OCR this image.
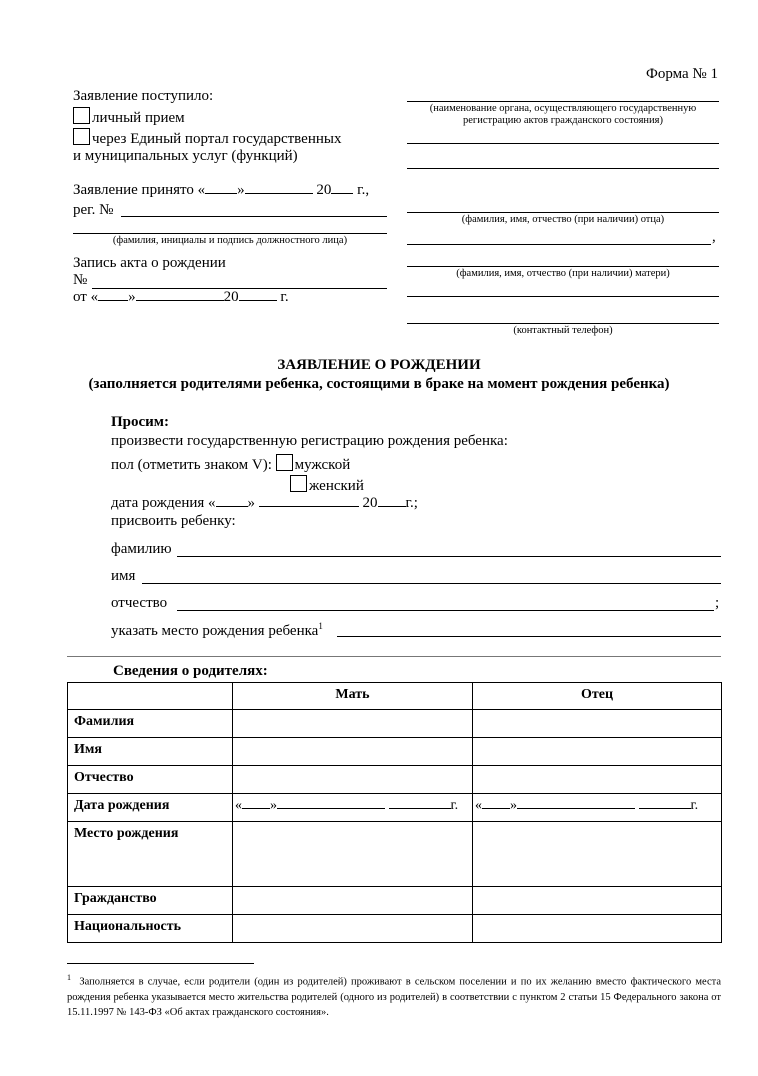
Форма № 1
Заявление поступило:
личный прием
через Единый портал государственных
и муниципальных услуг (функций)
Заявление принято « »	20 г.,
рег. №
(фамилия, инициалы и подпись должностного лица)
Запись акта о рождении
№
от « »	20	г.
(наименование органа, осуществляющего государственную
регистрацию актов гражданского состояния)
(фамилия, имя, отчество (при наличии) отца)
,
(фамилия, имя, отчество (при наличии) матери)
(контактный телефон)
ЗАЯВЛЕНИЕ О РОЖДЕНИИ
(заполняется родителями ребенка, состоящими в браке на момент рождения ребенка)
Просим:
произвести государственную регистрацию рождения ребенка:
пол (отметить знаком V): мужской
женский
дата рождения « »	20 г.;
присвоить ребенку:
фамилию
имя
отчество	;
указать место рождения ребенка$^1$
Сведения о родителях:
	Мать	Отец
Фамилия		
Имя		
Отчество		
Дата рождения	« » г.	« » г.
Место рождения		
Гражданство		
Национальность		
$^1$ Заполняется в случае, если родители (один из родителей) проживают в сельском поселении и по их желанию вместо фактического места рождения ребенка указывается место жительства родителей (одного из родителей) в соответствии с пунктом 2 статьи 15 Федерального закона от 15.11.1997 № 143-ФЗ «Об актах гражданского состояния».
